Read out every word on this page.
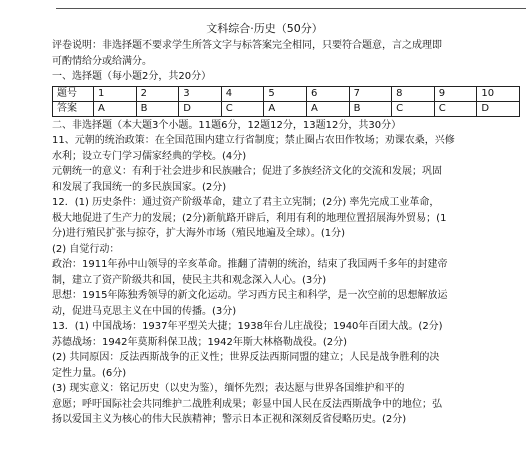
文科综合·历史（50分）

评卷说明：非选择题不要求学生所答文字与标答案完全相同，只要符合题意，言之成理即

可酌情给分或给满分。

一、选择题（每小题2分，共20分）

题号	1	2	3	4	5	6	7	8	9	10
答案	A	B	D	C	A	A	B	C	C	D

二、非选择题（本大题3个小题。11题6分，12题12分，13题12分，共30分）

11、元朝的统治政策：在全国范围内建立行省制度；禁止圈占农田作牧场；劝课农桑，兴修

水利；设立专门学习儒家经典的学校。(4分)

元朝统一的意义：有利于社会进步和民族融合；促进了多族经济文化的交流和发展；巩固

和发展了我国统一的多民族国家。(2分)

12．(1) 历史条件：通过资产阶级革命，建立了君主立宪制；(2分) 率先完成工业革命，

极大地促进了生产力的发展；(2分)新航路开辟后，利用有利的地理位置招展海外贸易；(1

分)进行殖民扩张与掠夺，扩大海外市场（殖民地遍及全球）。(1分)

(2) 自觉行动：

政治：1911年孙中山领导的辛亥革命。推翻了清朝的统治，结束了我国两千多年的封建帝

制，建立了资产阶级共和国，使民主共和观念深入人心。(3分)

思想：1915年陈独秀领导的新文化运动。学习西方民主和科学，是一次空前的思想解放运

动，促进马克思主义在中国的传播。(3分)

13．(1) 中国战场：1937年平型关大捷；1938年台儿庄战役；1940年百团大战。(2分)

苏德战场：1942年莫斯科保卫战；1942年斯大林格勒战役。(2分)

(2) 共同原因：反法西斯战争的正义性；世界反法西斯同盟的建立；人民是战争胜利的决

定性力量。(6分)

(3) 现实意义：铭记历史（以史为鉴），缅怀先烈；表达愿与世界各国维护和平的

意愿；呼吁国际社会共同维护二战胜利成果；彰显中国人民在反法西斯战争中的地位；弘

扬以爱国主义为核心的伟大民族精神；警示日本正视和深刻反省侵略历史。(2分)
